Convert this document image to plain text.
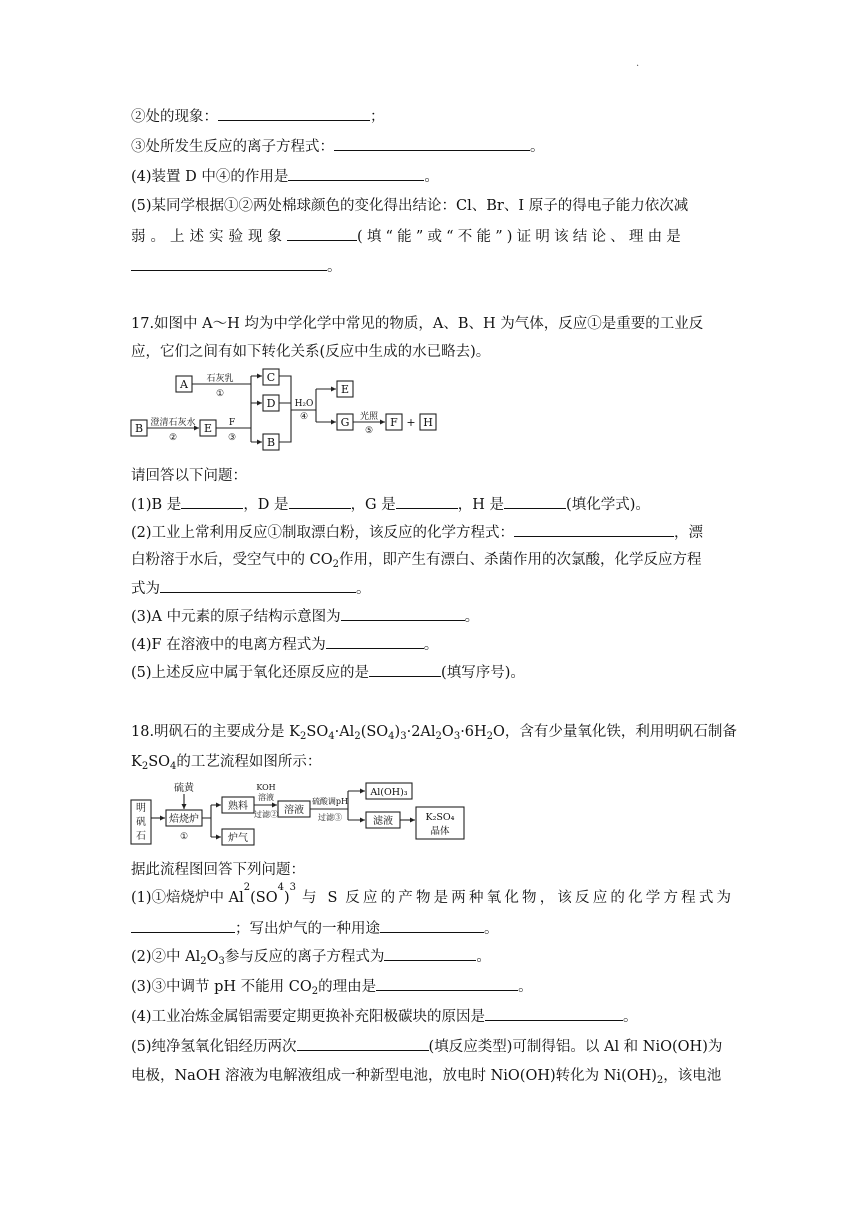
.
②处的现象：	；
③处所发生反应的离子方程式：	。
(4)装置 D 中④的作用是	。
(5)某同学根据①②两处棉球颜色的变化得出结论：Cl、Br、I 原子的得电子能力依次减
弱。上述实验现象	(填“能”或“不能”)证明该结论、理由是
。
17.如图中 A～H 均为中学化学中常见的物质，A、B、H 为气体，反应①是重要的工业反
应，它们之间有如下转化关系(反应中生成的水已略去)。
A
C
D
B	E
B
E
G	F H
+
石灰乳
①
澄清石灰水
②
F
③
H₂O
④	光照
⑤
请回答以下问题：
(1)B 是	，D 是	，G 是	，H 是	(填化学式)。
(2)工业上常利用反应①制取漂白粉，该反应的化学方程式：	，漂
白粉溶于水后，受空气中的 $CO_2$作用，即产生有漂白、杀菌作用的次氯酸，化学反应方程
式为	。
(3)A 中元素的原子结构示意图为	。
(4)F 在溶液中的电离方程式为	。
(5)上述反应中属于氧化还原反应的是	(填写序号)。
18.明矾石的主要成分是 $K_2SO_4\cdot Al_2(SO_4)_3\cdot 2Al_2O_3\cdot 6H_2O$，含有少量氧化铁，利用明矾石制备
$K_2SO_4$的工艺流程如图所示：
明
矾
石
硫黄
焙烧炉
①
熟料
炉气
KOH
溶液
过滤② 溶液
硫酸调pH
过滤③
Al(OH)₃
滤液	K₂SO₄
晶体
据此流程图回答下列问题：
(1)①焙烧炉中 Al
2
(SO
4
)
3
与 S 反应的产物是两种氧化物，该反应的化学方程式为
；写出炉气的一种用途	。
(2)②中 $Al_2O_3$参与反应的离子方程式为	。
(3)③中调节 pH 不能用 $CO_2$的理由是	。
(4)工业冶炼金属铝需要定期更换补充阳极碳块的原因是	。
(5)纯净氢氧化铝经历两次	(填反应类型)可制得铝。以 Al 和 NiO(OH)为
电极，NaOH 溶液为电解液组成一种新型电池，放电时 NiO(OH)转化为 $Ni(OH)_2$，该电池
